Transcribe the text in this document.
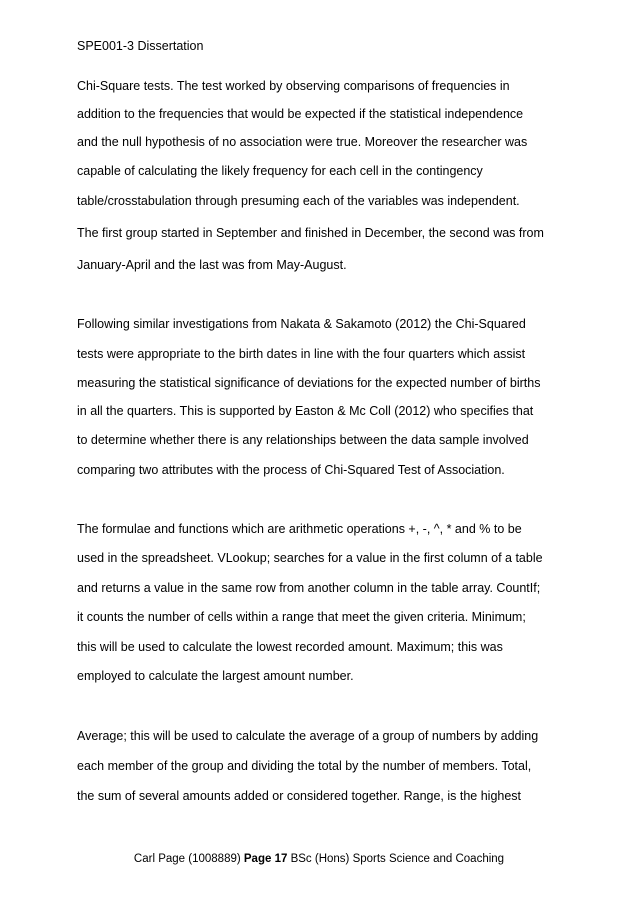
SPE001-3 Dissertation
Chi-Square tests. The test worked by observing comparisons of frequencies in
addition to the frequencies that would be expected if the statistical independence
and the null hypothesis of no association were true. Moreover the researcher was
capable of calculating the likely frequency for each cell in the contingency
table/crosstabulation through presuming each of the variables was independent.
The first group started in September and finished in December, the second was from
January-April and the last was from May-August.
Following similar investigations from Nakata & Sakamoto (2012) the Chi-Squared
tests were appropriate to the birth dates in line with the four quarters which assist
measuring the statistical significance of deviations for the expected number of births
in all the quarters. This is supported by Easton & Mc Coll (2012) who specifies that
to determine whether there is any relationships between the data sample involved
comparing two attributes with the process of Chi-Squared Test of Association.
The formulae and functions which are arithmetic operations +, -, ^, * and % to be
used in the spreadsheet. VLookup; searches for a value in the first column of a table
and returns a value in the same row from another column in the table array. CountIf;
it counts the number of cells within a range that meet the given criteria. Minimum;
this will be used to calculate the lowest recorded amount. Maximum; this was
employed to calculate the largest amount number.
Average; this will be used to calculate the average of a group of numbers by adding
each member of the group and dividing the total by the number of members. Total,
the sum of several amounts added or considered together. Range, is the highest
Carl Page (1008889) Page 17 BSc (Hons) Sports Science and Coaching
